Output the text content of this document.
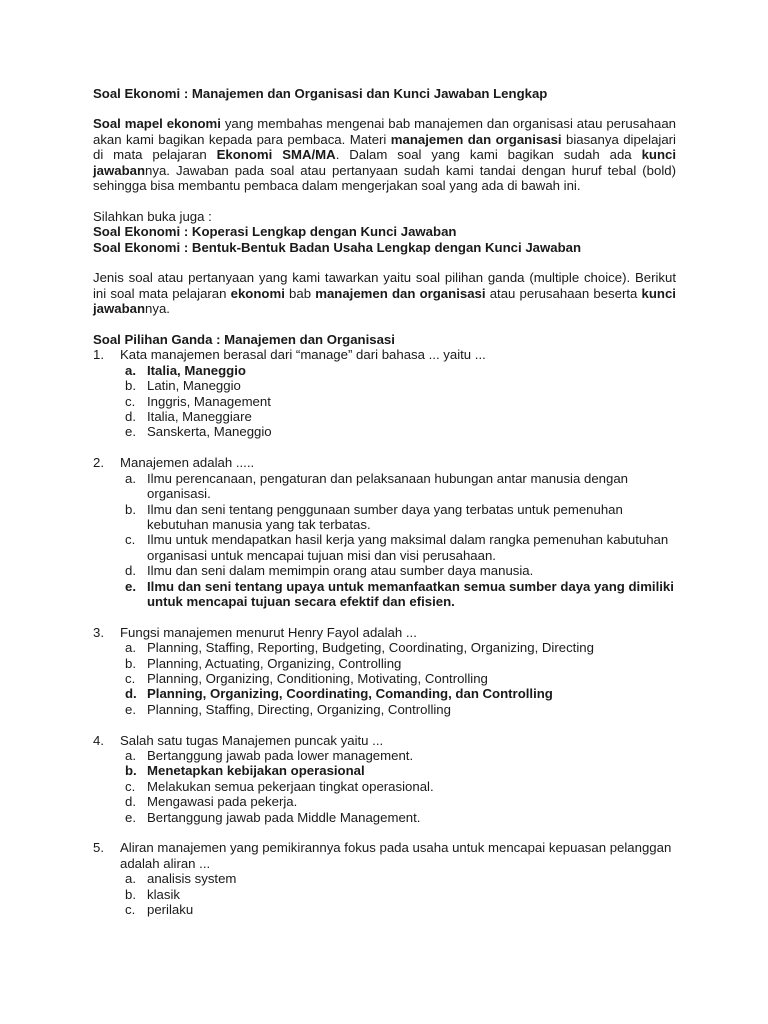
Soal Ekonomi : Manajemen dan Organisasi dan Kunci Jawaban Lengkap

Soal mapel ekonomi yang membahas mengenai bab manajemen dan organisasi atau perusahaan akan kami bagikan kepada para pembaca. Materi manajemen dan organisasi biasanya dipelajari di mata pelajaran Ekonomi SMA/MA. Dalam soal yang kami bagikan sudah ada kunci jawabannya. Jawaban pada soal atau pertanyaan sudah kami tandai dengan huruf tebal (bold) sehingga bisa membantu pembaca dalam mengerjakan soal yang ada di bawah ini.

Silahkan buka juga :

Soal Ekonomi : Koperasi Lengkap dengan Kunci Jawaban

Soal Ekonomi : Bentuk-Bentuk Badan Usaha Lengkap dengan Kunci Jawaban

Jenis soal atau pertanyaan yang kami tawarkan yaitu soal pilihan ganda (multiple choice). Berikut ini soal mata pelajaran ekonomi bab manajemen dan organisasi atau perusahaan beserta kunci jawabannya.

Soal Pilihan Ganda : Manajemen dan Organisasi

1. Kata manajemen berasal dari “manage” dari bahasa ... yaitu ...
a. Italia, Maneggio
b. Latin, Maneggio
c. Inggris, Management
d. Italia, Maneggiare
e. Sanskerta, Maneggio
2. Manajemen adalah .....
a. Ilmu perencanaan, pengaturan dan pelaksanaan hubungan antar manusia dengan organisasi.
b. Ilmu dan seni tentang penggunaan sumber daya yang terbatas untuk pemenuhan kebutuhan manusia yang tak terbatas.
c. Ilmu untuk mendapatkan hasil kerja yang maksimal dalam rangka pemenuhan kabutuhan organisasi untuk mencapai tujuan misi dan visi perusahaan.
d. Ilmu dan seni dalam memimpin orang atau sumber daya manusia.
e. Ilmu dan seni tentang upaya untuk memanfaatkan semua sumber daya yang dimiliki untuk mencapai tujuan secara efektif dan efisien.
3. Fungsi manajemen menurut Henry Fayol adalah ...
a. Planning, Staffing, Reporting, Budgeting, Coordinating, Organizing, Directing
b. Planning, Actuating, Organizing, Controlling
c. Planning, Organizing, Conditioning, Motivating, Controlling
d. Planning, Organizing, Coordinating, Comanding, dan Controlling
e. Planning, Staffing, Directing, Organizing, Controlling
4. Salah satu tugas Manajemen puncak yaitu ...
a. Bertanggung jawab pada lower management.
b. Menetapkan kebijakan operasional
c. Melakukan semua pekerjaan tingkat operasional.
d. Mengawasi pada pekerja.
e. Bertanggung jawab pada Middle Management.
5. Aliran manajemen yang pemikirannya fokus pada usaha untuk mencapai kepuasan pelanggan adalah aliran ...
a. analisis system
b. klasik
c. perilaku
